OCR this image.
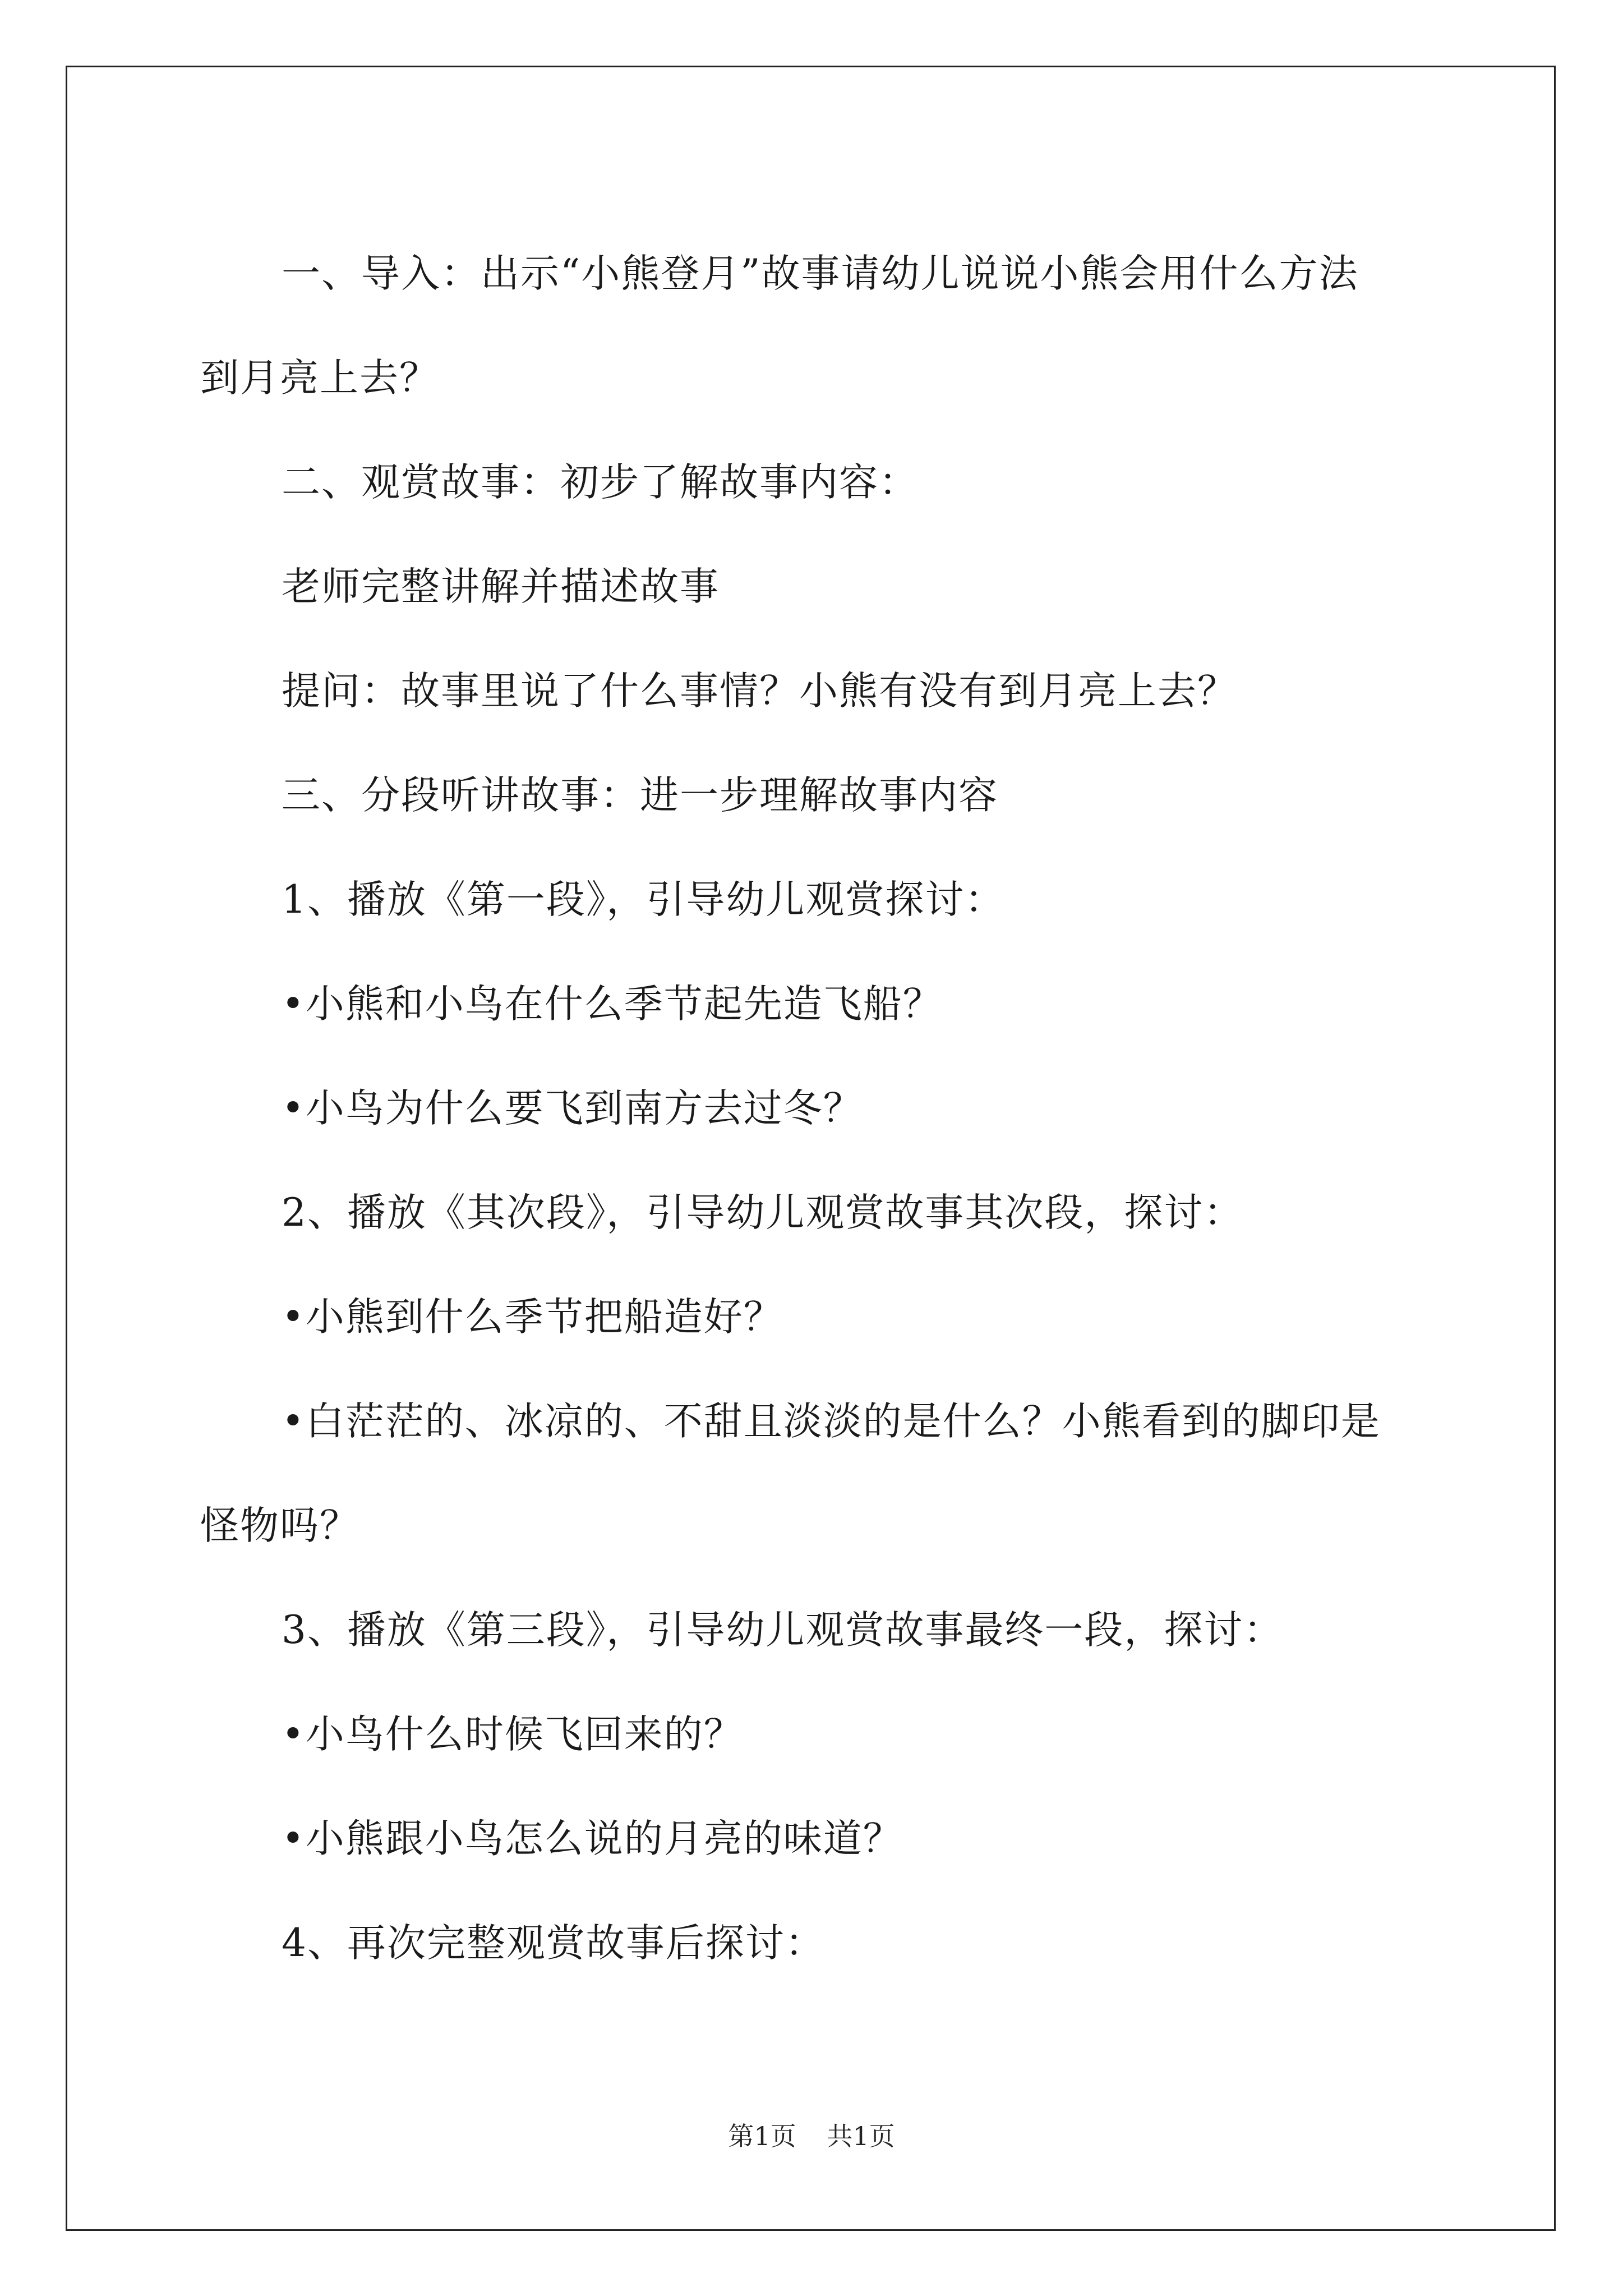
一、导入：出示“小熊登月”故事请幼儿说说小熊会用什么方法

到月亮上去？

二、观赏故事：初步了解故事内容：

老师完整讲解并描述故事

提问：故事里说了什么事情？小熊有没有到月亮上去？

三、分段听讲故事：进一步理解故事内容

1、播放《第一段》，引导幼儿观赏探讨：

•小熊和小鸟在什么季节起先造飞船？

•小鸟为什么要飞到南方去过冬？

2、播放《其次段》，引导幼儿观赏故事其次段，探讨：

•小熊到什么季节把船造好？

•白茫茫的、冰凉的、不甜且淡淡的是什么？小熊看到的脚印是

怪物吗？

3、播放《第三段》，引导幼儿观赏故事最终一段，探讨：

•小鸟什么时候飞回来的？

•小熊跟小鸟怎么说的月亮的味道？

4、再次完整观赏故事后探讨：

第1页 共1页
